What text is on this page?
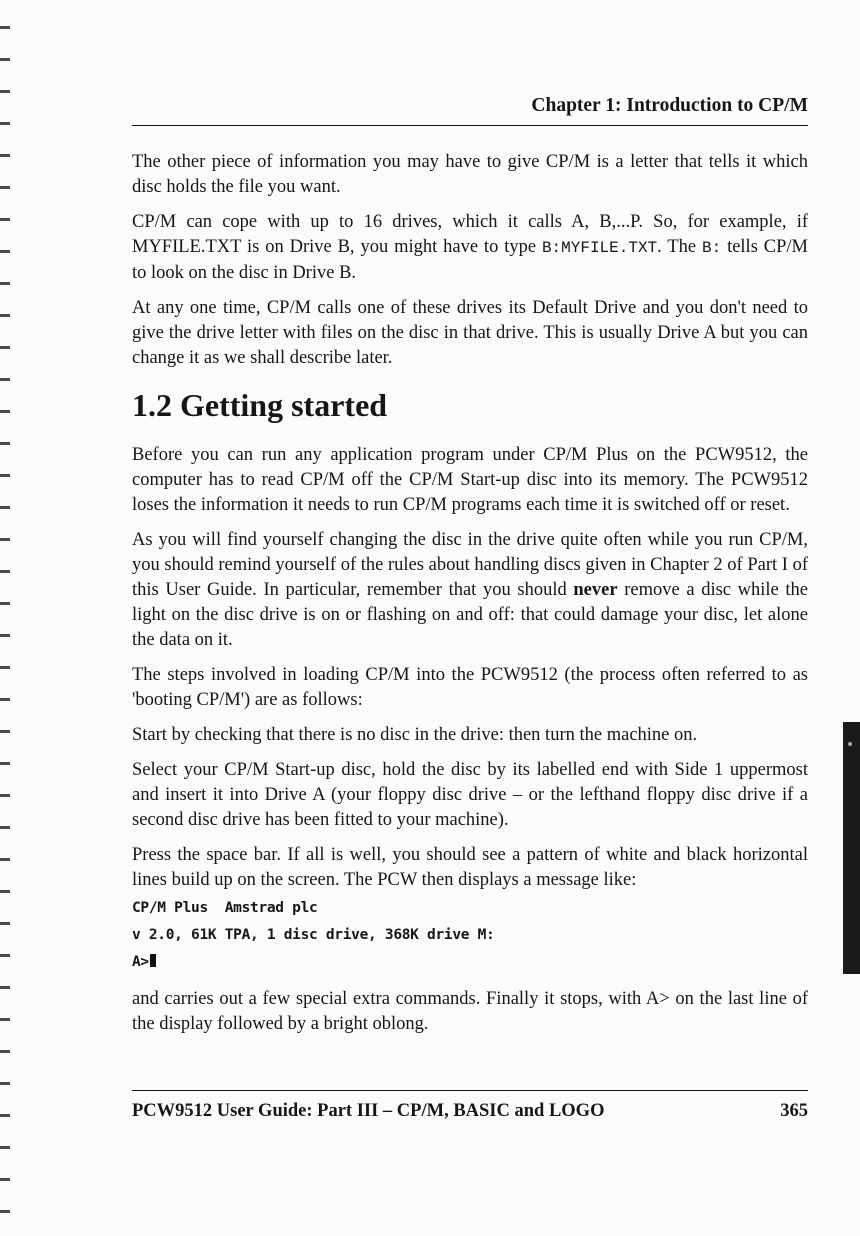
Chapter 1: Introduction to CP/M

The other piece of information you may have to give CP/M is a letter that tells it which disc holds the file you want.

CP/M can cope with up to 16 drives, which it calls A, B,...P. So, for example, if MYFILE.TXT is on Drive B, you might have to type B:MYFILE.TXT. The B: tells CP/M to look on the disc in Drive B.

At any one time, CP/M calls one of these drives its Default Drive and you don't need to give the drive letter with files on the disc in that drive. This is usually Drive A but you can change it as we shall describe later.

1.2 Getting started

Before you can run any application program under CP/M Plus on the PCW9512, the computer has to read CP/M off the CP/M Start-up disc into its memory. The PCW9512 loses the information it needs to run CP/M programs each time it is switched off or reset.

As you will find yourself changing the disc in the drive quite often while you run CP/M, you should remind yourself of the rules about handling discs given in Chapter 2 of Part I of this User Guide. In particular, remember that you should never remove a disc while the light on the disc drive is on or flashing on and off: that could damage your disc, let alone the data on it.

The steps involved in loading CP/M into the PCW9512 (the process often referred to as 'booting CP/M') are as follows:

Start by checking that there is no disc in the drive: then turn the machine on.

Select your CP/M Start-up disc, hold the disc by its labelled end with Side 1 uppermost and insert it into Drive A (your floppy disc drive – or the lefthand floppy disc drive if a second disc drive has been fitted to your machine).

Press the space bar. If all is well, you should see a pattern of white and black horizontal lines build up on the screen. The PCW then displays a message like:

CP/M Plus  Amstrad plc
v 2.0, 61K TPA, 1 disc drive, 368K drive M:
A>

and carries out a few special extra commands. Finally it stops, with A> on the last line of the display followed by a bright oblong.

PCW9512 User Guide: Part III – CP/M, BASIC and LOGO	365
